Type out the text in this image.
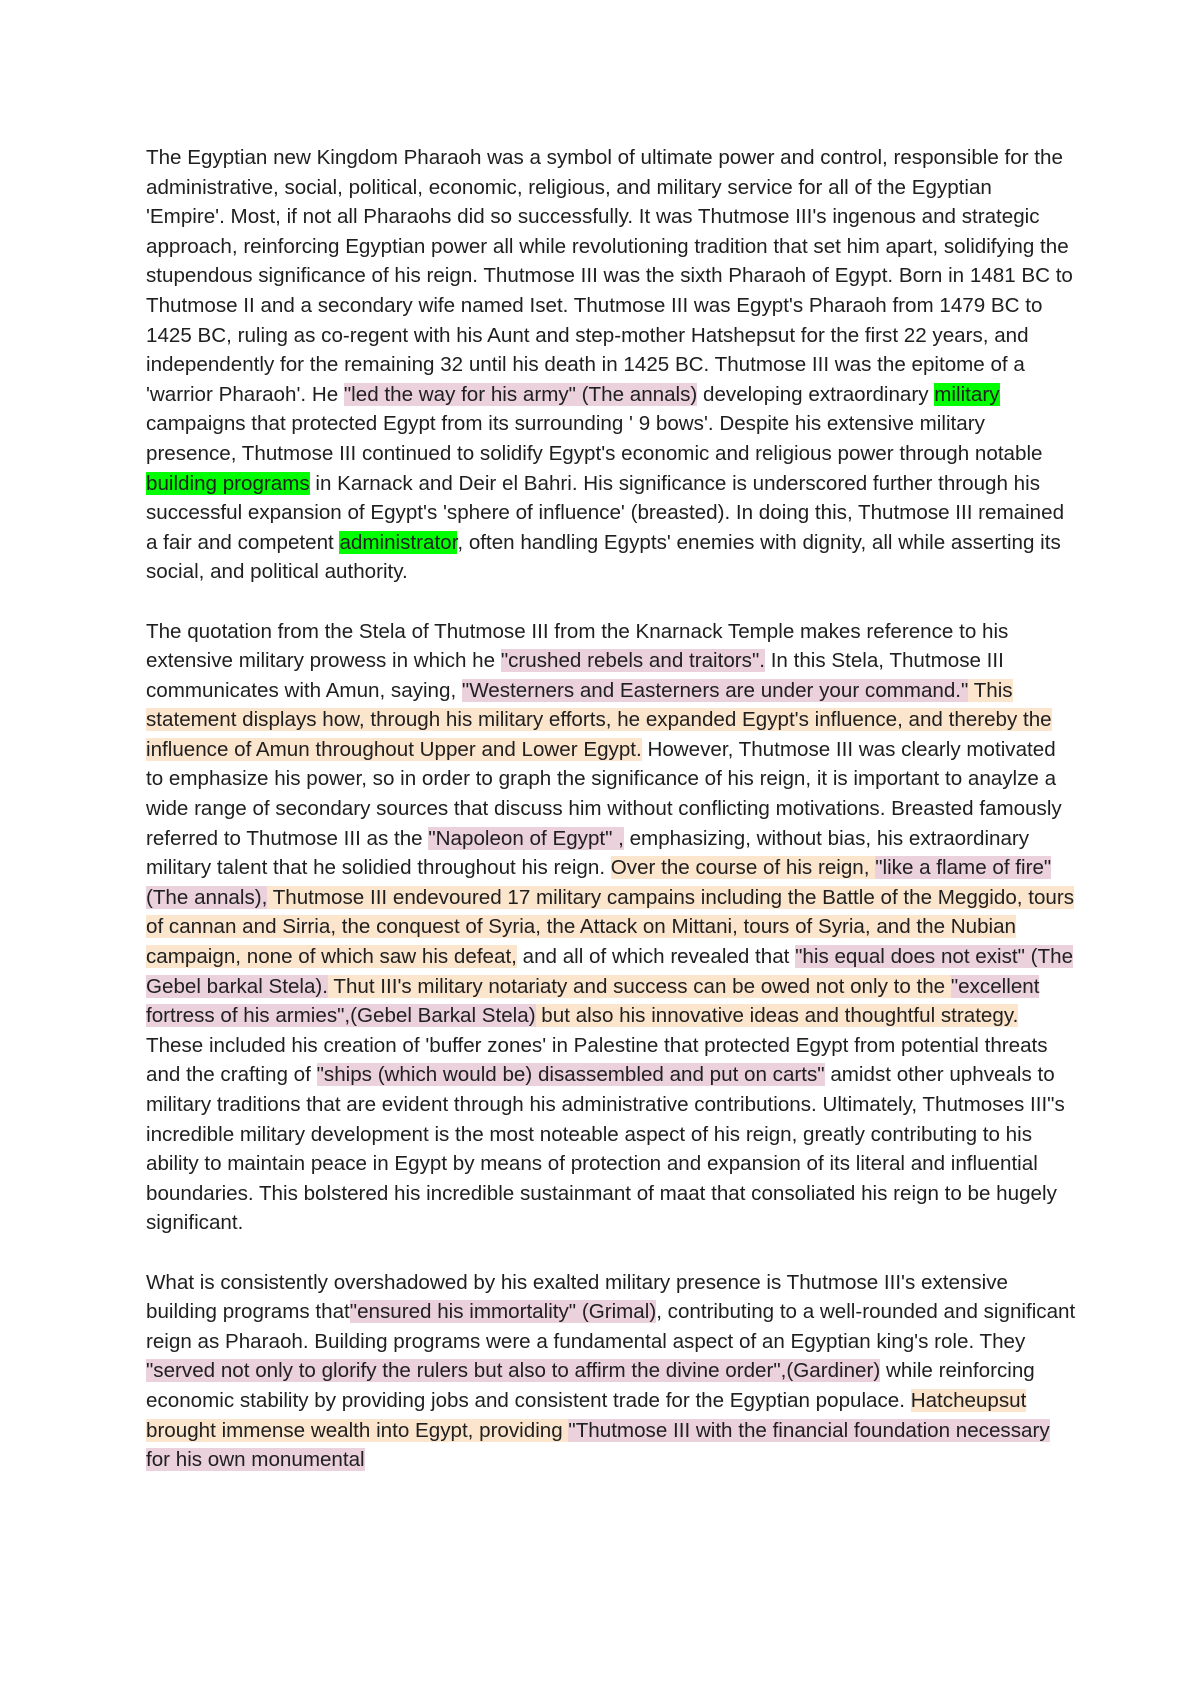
The Egyptian new Kingdom Pharaoh was a symbol of ultimate power and control, responsible for the administrative, social, political, economic, religious, and military service for all of the Egyptian 'Empire'. Most, if not all Pharaohs did so successfully. It was Thutmose III's ingenous and strategic approach, reinforcing Egyptian power all while revolutioning tradition that set him apart, solidifying the stupendous significance of his reign. Thutmose III was the sixth Pharaoh of Egypt. Born in 1481 BC to Thutmose II and a secondary wife named Iset. Thutmose III was Egypt's Pharaoh from 1479 BC to 1425 BC, ruling as co-regent with his Aunt and step-mother Hatshepsut for the first 22 years, and independently for the remaining 32 until his death in 1425 BC. Thutmose III was the epitome of a 'warrior Pharaoh'. He "led the way for his army" (The annals) developing extraordinary military campaigns that protected Egypt from its surrounding ' 9 bows'. Despite his extensive military presence, Thutmose III continued to solidify Egypt's economic and religious power through notable building programs in Karnack and Deir el Bahri. His significance is underscored further through his successful expansion of Egypt's 'sphere of influence' (breasted). In doing this, Thutmose III remained a fair and competent administrator, often handling Egypts' enemies with dignity, all while asserting its social, and political authority.

The quotation from the Stela of Thutmose III from the Knarnack Temple makes reference to his extensive military prowess in which he "crushed rebels and traitors". In this Stela, Thutmose III communicates with Amun, saying, "Westerners and Easterners are under your command." This statement displays how, through his military efforts, he expanded Egypt's influence, and thereby the influence of Amun throughout Upper and Lower Egypt. However, Thutmose III was clearly motivated to emphasize his power, so in order to graph the significance of his reign, it is important to anaylze a wide range of secondary sources that discuss him without conflicting motivations. Breasted famously referred to Thutmose III as the "Napoleon of Egypt" , emphasizing, without bias, his extraordinary military talent that he solidied throughout his reign. Over the course of his reign, "like a flame of fire" (The annals), Thutmose III endevoured 17 military campains including the Battle of the Meggido, tours of cannan and Sirria, the conquest of Syria, the Attack on Mittani, tours of Syria, and the Nubian campaign, none of which saw his defeat, and all of which revealed that "his equal does not exist" (The Gebel barkal Stela). Thut III's military notariaty and success can be owed not only to the "excellent fortress of his armies",(Gebel Barkal Stela) but also his innovative ideas and thoughtful strategy. These included his creation of 'buffer zones' in Palestine that protected Egypt from potential threats and the crafting of "ships (which would be) disassembled and put on carts" amidst other uphveals to military traditions that are evident through his administrative contributions. Ultimately, Thutmoses III"s incredible military development is the most noteable aspect of his reign, greatly contributing to his ability to maintain peace in Egypt by means of protection and expansion of its literal and influential boundaries. This bolstered his incredible sustainmant of maat that consoliated his reign to be hugely significant.

What is consistently overshadowed by his exalted military presence is Thutmose III's extensive building programs that"ensured his immortality" (Grimal), contributing to a well-rounded and significant reign as Pharaoh. Building programs were a fundamental aspect of an Egyptian king's role. They "served not only to glorify the rulers but also to affirm the divine order",(Gardiner) while reinforcing economic stability by providing jobs and consistent trade for the Egyptian populace. Hatcheupsut brought immense wealth into Egypt, providing "Thutmose III with the financial foundation necessary for his own monumental
